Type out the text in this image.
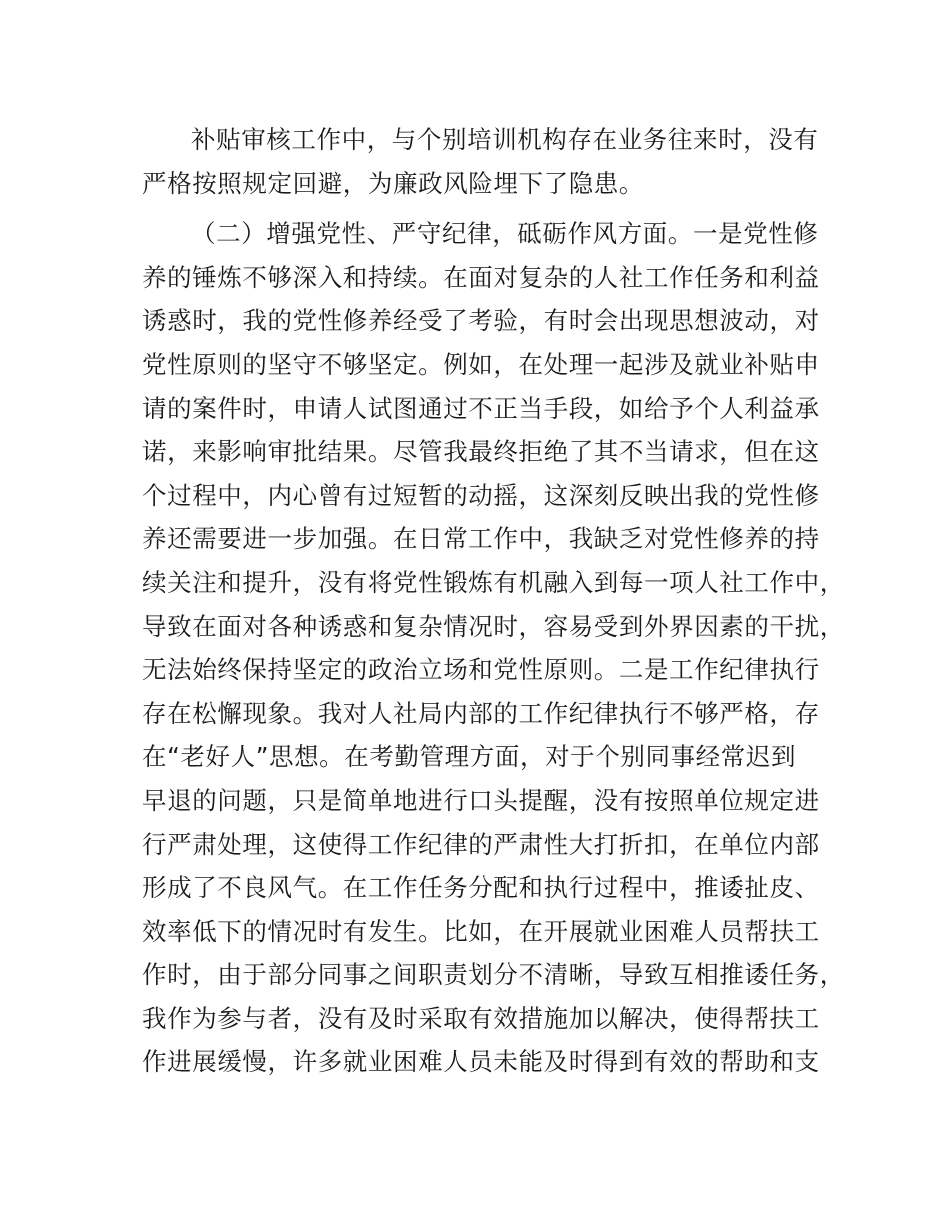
补贴审核工作中，与个别培训机构存在业务往来时，没有
严格按照规定回避，为廉政风险埋下了隐患。
（二）增强党性、严守纪律，砥砺作风方面。一是党性修
养的锤炼不够深入和持续。在面对复杂的人社工作任务和利益
诱惑时，我的党性修养经受了考验，有时会出现思想波动，对
党性原则的坚守不够坚定。例如，在处理一起涉及就业补贴申
请的案件时，申请人试图通过不正当手段，如给予个人利益承
诺，来影响审批结果。尽管我最终拒绝了其不当请求，但在这
个过程中，内心曾有过短暂的动摇，这深刻反映出我的党性修
养还需要进一步加强。在日常工作中，我缺乏对党性修养的持
续关注和提升，没有将党性锻炼有机融入到每一项人社工作中，
导致在面对各种诱惑和复杂情况时，容易受到外界因素的干扰，
无法始终保持坚定的政治立场和党性原则。二是工作纪律执行
存在松懈现象。我对人社局内部的工作纪律执行不够严格，存
在“老好人”思想。在考勤管理方面，对于个别同事经常迟到
早退的问题，只是简单地进行口头提醒，没有按照单位规定进
行严肃处理，这使得工作纪律的严肃性大打折扣，在单位内部
形成了不良风气。在工作任务分配和执行过程中，推诿扯皮、
效率低下的情况时有发生。比如，在开展就业困难人员帮扶工
作时，由于部分同事之间职责划分不清晰，导致互相推诿任务，
我作为参与者，没有及时采取有效措施加以解决，使得帮扶工
作进展缓慢，许多就业困难人员未能及时得到有效的帮助和支
